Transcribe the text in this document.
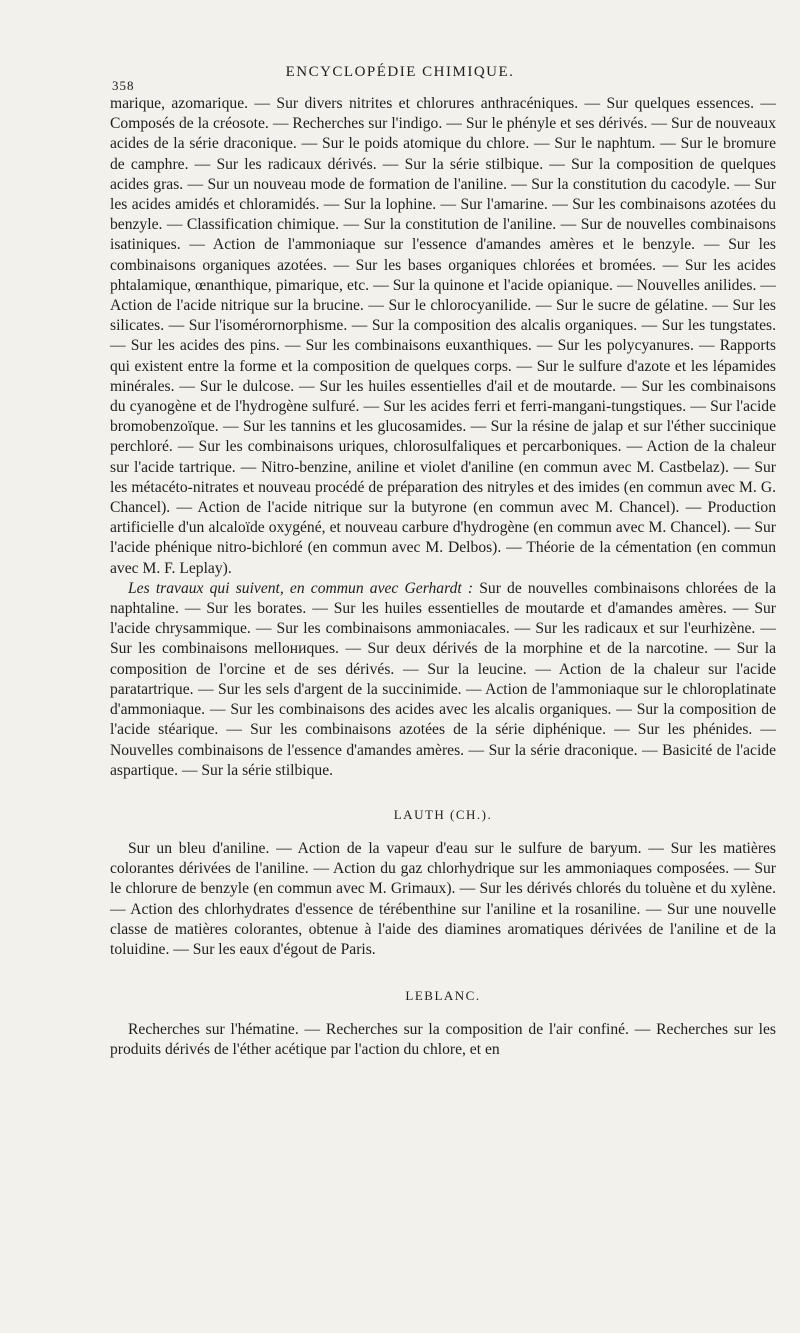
358
ENCYCLOPÉDIE CHIMIQUE.

marique, azomarique. — Sur divers nitrites et chlorures anthracéniques. — Sur quelques essences. — Composés de la créosote. — Recherches sur l'indigo. — Sur le phényle et ses dérivés. — Sur de nouveaux acides de la série draconique. — Sur le poids atomique du chlore. — Sur le naphtum. — Sur le bromure de camphre. — Sur les radicaux dérivés. — Sur la série stilbique. — Sur la composition de quelques acides gras. — Sur un nouveau mode de formation de l'aniline. — Sur la constitution du cacodyle. — Sur les acides amidés et chloramidés. — Sur la lophine. — Sur l'amarine. — Sur les combinaisons azotées du benzyle. — Classification chimique. — Sur la constitution de l'aniline. — Sur de nouvelles combinaisons isatiniques. — Action de l'ammoniaque sur l'essence d'amandes amères et le benzyle. — Sur les combinaisons organiques azotées. — Sur les bases organiques chlorées et bromées. — Sur les acides phtalamique, œnanthique, pimarique, etc. — Sur la quinone et l'acide opianique. — Nouvelles anilides. — Action de l'acide nitrique sur la brucine. — Sur le chlorocyanilide. — Sur le sucre de gélatine. — Sur les silicates. — Sur l'isomérornorphisme. — Sur la composition des alcalis organiques. — Sur les tungstates. — Sur les acides des pins. — Sur les combinaisons euxanthiques. — Sur les polycyanures. — Rapports qui existent entre la forme et la composition de quelques corps. — Sur le sulfure d'azote et les lépamides minérales. — Sur le dulcose. — Sur les huiles essentielles d'ail et de moutarde. — Sur les combinaisons du cyanogène et de l'hydrogène sulfuré. — Sur les acides ferri et ferri-mangani-tungstiques. — Sur l'acide bromobenzoïque. — Sur les tannins et les glucosamides. — Sur la résine de jalap et sur l'éther succinique perchloré. — Sur les combinaisons uriques, chlorosulfaliques et percarboniques. — Action de la chaleur sur l'acide tartrique. — Nitro-benzine, aniline et violet d'aniline (en commun avec M. Castbelaz). — Sur les métacéto-nitrates et nouveau procédé de préparation des nitryles et des imides (en commun avec M. G. Chancel). — Action de l'acide nitrique sur la butyrone (en commun avec M. Chancel). — Production artificielle d'un alcaloïde oxygéné, et nouveau carbure d'hydrogène (en commun avec M. Chancel). — Sur l'acide phénique nitro-bichloré (en commun avec M. Delbos). — Théorie de la cémentation (en commun avec M. F. Leplay).

Les travaux qui suivent, en commun avec Gerhardt : Sur de nouvelles combinaisons chlorées de la naphtaline. — Sur les borates. — Sur les huiles essentielles de moutarde et d'amandes amères. — Sur l'acide chrysammique. — Sur les combinaisons ammoniacales. — Sur les radicaux et sur l'eurhizène. — Sur les combinaisons mellониques. — Sur deux dérivés de la morphine et de la narcotine. — Sur la composition de l'orcine et de ses dérivés. — Sur la leucine. — Action de la chaleur sur l'acide paratartrique. — Sur les sels d'argent de la succinimide. — Action de l'ammoniaque sur le chloroplatinate d'ammoniaque. — Sur les combinaisons des acides avec les alcalis organiques. — Sur la composition de l'acide stéarique. — Sur les combinaisons azotées de la série diphénique. — Sur les phénides. — Nouvelles combinaisons de l'essence d'amandes amères. — Sur la série draconique. — Basicité de l'acide aspartique. — Sur la série stilbique.

LAUTH (CH.).

Sur un bleu d'aniline. — Action de la vapeur d'eau sur le sulfure de baryum. — Sur les matières colorantes dérivées de l'aniline. — Action du gaz chlorhydrique sur les ammoniaques composées. — Sur le chlorure de benzyle (en commun avec M. Grimaux). — Sur les dérivés chlorés du toluène et du xylène. — Action des chlorhydrates d'essence de térébenthine sur l'aniline et la rosaniline. — Sur une nouvelle classe de matières colorantes, obtenue à l'aide des diamines aromatiques dérivées de l'aniline et de la toluidine. — Sur les eaux d'égout de Paris.

LEBLANC.

Recherches sur l'hématine. — Recherches sur la composition de l'air confiné. — Recherches sur les produits dérivés de l'éther acétique par l'action du chlore, et en
